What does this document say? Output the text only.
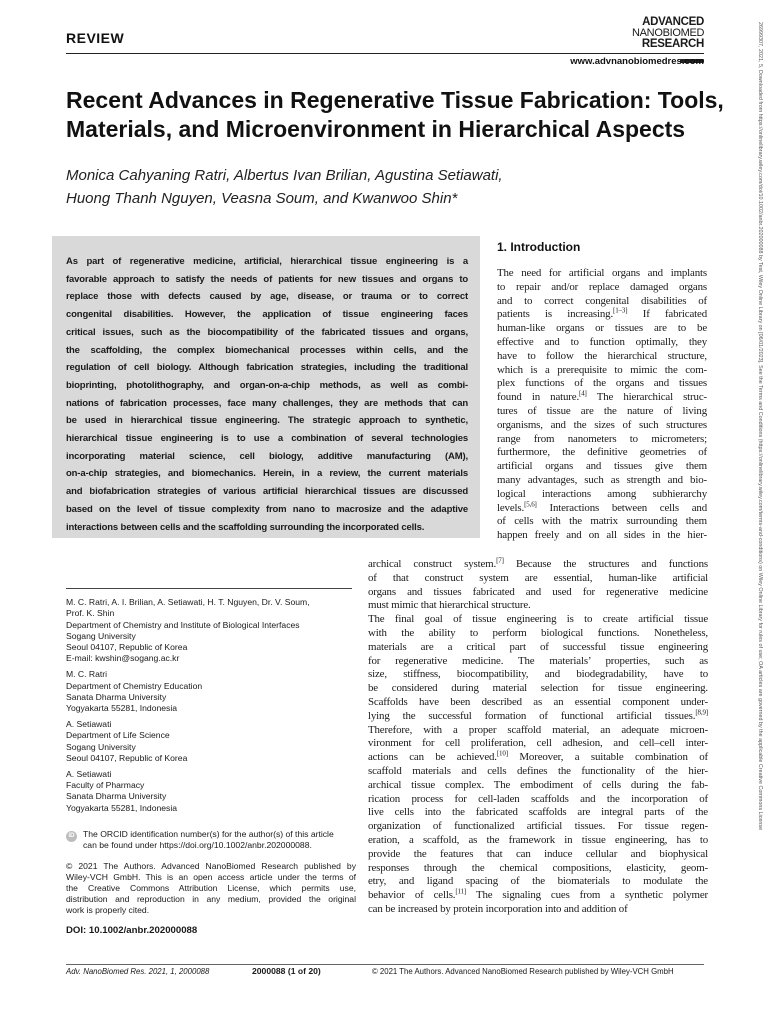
REVIEW
ADVANCED
NANOBIOMED
RESEARCH
www.advnanobiomedres.com
Recent Advances in Regenerative Tissue Fabrication: Tools,
Materials, and Microenvironment in Hierarchical Aspects

Monica Cahyaning Ratri, Albertus Ivan Brilian, Agustina Setiawati,
Huong Thanh Nguyen, Veasna Soum, and Kwanwoo Shin*

As part of regenerative medicine, artificial, hierarchical tissue engineering is a
favorable approach to satisfy the needs of patients for new tissues and organs to
replace those with defects caused by age, disease, or trauma or to correct
congenital disabilities. However, the application of tissue engineering faces
critical issues, such as the biocompatibility of the fabricated tissues and organs,
the scaffolding, the complex biomechanical processes within cells, and the
regulation of cell biology. Although fabrication strategies, including the traditional
bioprinting, photolithography, and organ-on-a-chip methods, as well as combi-
nations of fabrication processes, face many challenges, they are methods that can
be used in hierarchical tissue engineering. The strategic approach to synthetic,
hierarchical tissue engineering is to use a combination of several technologies
incorporating material science, cell biology, additive manufacturing (AM),
on-a-chip strategies, and biomechanics. Herein, in a review, the current materials
and biofabrication strategies of various artificial hierarchical tissues are discussed
based on the level of tissue complexity from nano to macrosize and the adaptive
interactions between cells and the scaffolding surrounding the incorporated cells.
1. Introduction
The need for artificial organs and implants
to repair and/or replace damaged organs
and to correct congenital disabilities of
patients is increasing.[1–3] If fabricated
human-like organs or tissues are to be
effective and to function optimally, they
have to follow the hierarchical structure,
which is a prerequisite to mimic the com-
plex functions of the organs and tissues
found in nature.[4] The hierarchical struc-
tures of tissue are the nature of living
organisms, and the sizes of such structures
range from nanometers to micrometers;
furthermore, the definitive geometries of
artificial organs and tissues give them
many advantages, such as strength and bio-
logical interactions among subhierarchy
levels.[5,6] Interactions between cells and
of cells with the matrix surrounding them
happen freely and on all sides in the hier-
archical construct system.[7] Because the structures and functions
of that construct system are essential, human-like artificial
organs and tissues fabricated and used for regenerative medicine
must mimic that hierarchical structure.
The final goal of tissue engineering is to create artificial tissue
with the ability to perform biological functions. Nonetheless,
materials are a critical part of successful tissue engineering
for regenerative medicine. The materials’ properties, such as
size, stiffness, biocompatibility, and biodegradability, have to
be considered during material selection for tissue engineering.
Scaffolds have been described as an essential component under-
lying the successful formation of functional artificial tissues.[8,9]
Therefore, with a proper scaffold material, an adequate microen-
vironment for cell proliferation, cell adhesion, and cell–cell inter-
actions can be achieved.[10] Moreover, a suitable combination of
scaffold materials and cells defines the functionality of the hier-
archical tissue complex. The embodiment of cells during the fab-
rication process for cell-laden scaffolds and the incorporation of
live cells into the fabricated scaffolds are integral parts of the
organization of functionalized artificial tissues. For tissue regen-
eration, a scaffold, as the framework in tissue engineering, has to
provide the features that can induce cellular and biophysical
responses through the chemical compositions, elasticity, geom-
etry, and ligand spacing of the biomaterials to modulate the
behavior of cells.[11] The signaling cues from a synthetic polymer
can be increased by protein incorporation into and addition of
M. C. Ratri, A. I. Brilian, A. Setiawati, H. T. Nguyen, Dr. V. Soum,
Prof. K. Shin
Department of Chemistry and Institute of Biological Interfaces
Sogang University
Seoul 04107, Republic of Korea
E-mail: kwshin@sogang.ac.kr
M. C. Ratri
Department of Chemistry Education
Sanata Dharma University
Yogyakarta 55281, Indonesia
A. Setiawati
Department of Life Science
Sogang University
Seoul 04107, Republic of Korea
A. Setiawati
Faculty of Pharmacy
Sanata Dharma University
Yogyakarta 55281, Indonesia
iD The ORCID identification number(s) for the author(s) of this article
can be found under https://doi.org/10.1002/anbr.202000088.
© 2021 The Authors. Advanced NanoBiomed Research published by
Wiley-VCH GmbH. This is an open access article under the terms of
the Creative Commons Attribution License, which permits use,
distribution and reproduction in any medium, provided the original
work is properly cited.
DOI: 10.1002/anbr.202000088
Adv. NanoBiomed Res. 2021, 1, 2000088	2000088 (1 of 20)	© 2021 The Authors. Advanced NanoBiomed Research published by Wiley-VCH GmbH
26999307, 2021, 5, Downloaded from https://onlinelibrary.wiley.com/doi/10.1002/anbr.202000088 by Test, Wiley Online Library on [06/01/2023]. See the Terms and Conditions (https://onlinelibrary.wiley.com/terms-and-conditions) on Wiley Online Library for rules of use; OA articles are governed by the applicable Creative Commons License
